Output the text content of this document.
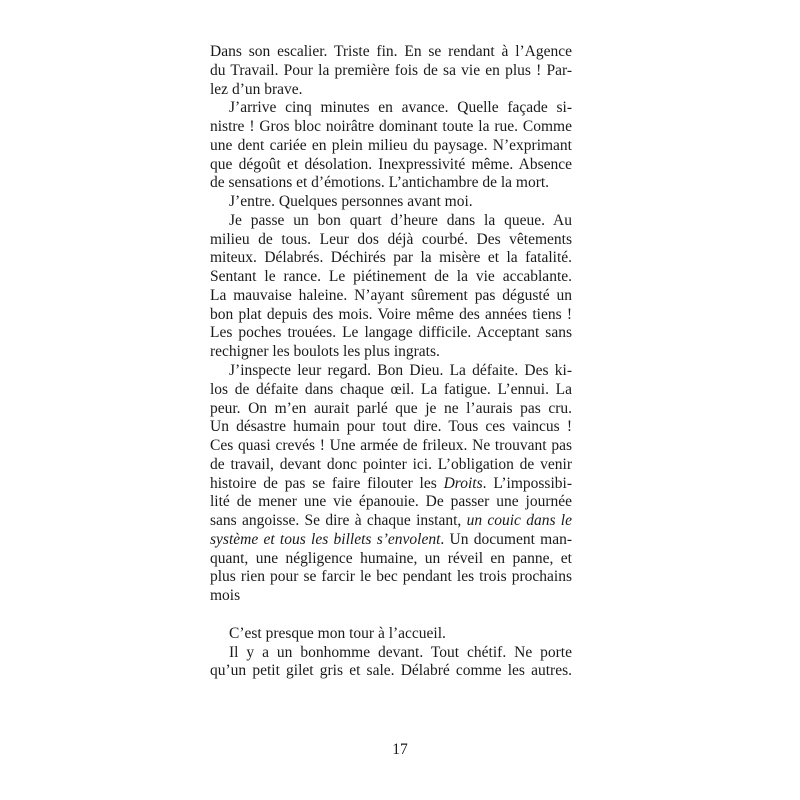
Dans son escalier. Triste fin. En se rendant à l’Agence
du Travail. Pour la première fois de sa vie en plus ! Par-
lez d’un brave.
J’arrive cinq minutes en avance. Quelle façade si-
nistre ! Gros bloc noirâtre dominant toute la rue. Comme
une dent cariée en plein milieu du paysage. N’exprimant
que dégoût et désolation. Inexpressivité même. Absence
de sensations et d’émotions. L’antichambre de la mort.
J’entre. Quelques personnes avant moi.
Je passe un bon quart d’heure dans la queue. Au
milieu de tous. Leur dos déjà courbé. Des vêtements
miteux. Délabrés. Déchirés par la misère et la fatalité.
Sentant le rance. Le piétinement de la vie accablante.
La mauvaise haleine. N’ayant sûrement pas dégusté un
bon plat depuis des mois. Voire même des années tiens !
Les poches trouées. Le langage difficile. Acceptant sans
rechigner les boulots les plus ingrats.
J’inspecte leur regard. Bon Dieu. La défaite. Des ki-
los de défaite dans chaque œil. La fatigue. L’ennui. La
peur. On m’en aurait parlé que je ne l’aurais pas cru.
Un désastre humain pour tout dire. Tous ces vaincus !
Ces quasi crevés ! Une armée de frileux. Ne trouvant pas
de travail, devant donc pointer ici. L’obligation de venir
histoire de pas se faire filouter les Droits. L’impossibi-
lité de mener une vie épanouie. De passer une journée
sans angoisse. Se dire à chaque instant, un couic dans le
système et tous les billets s’envolent. Un document man-
quant, une négligence humaine, un réveil en panne, et
plus rien pour se farcir le bec pendant les trois prochains
mois
C’est presque mon tour à l’accueil.
Il y a un bonhomme devant. Tout chétif. Ne porte
qu’un petit gilet gris et sale. Délabré comme les autres.
17
